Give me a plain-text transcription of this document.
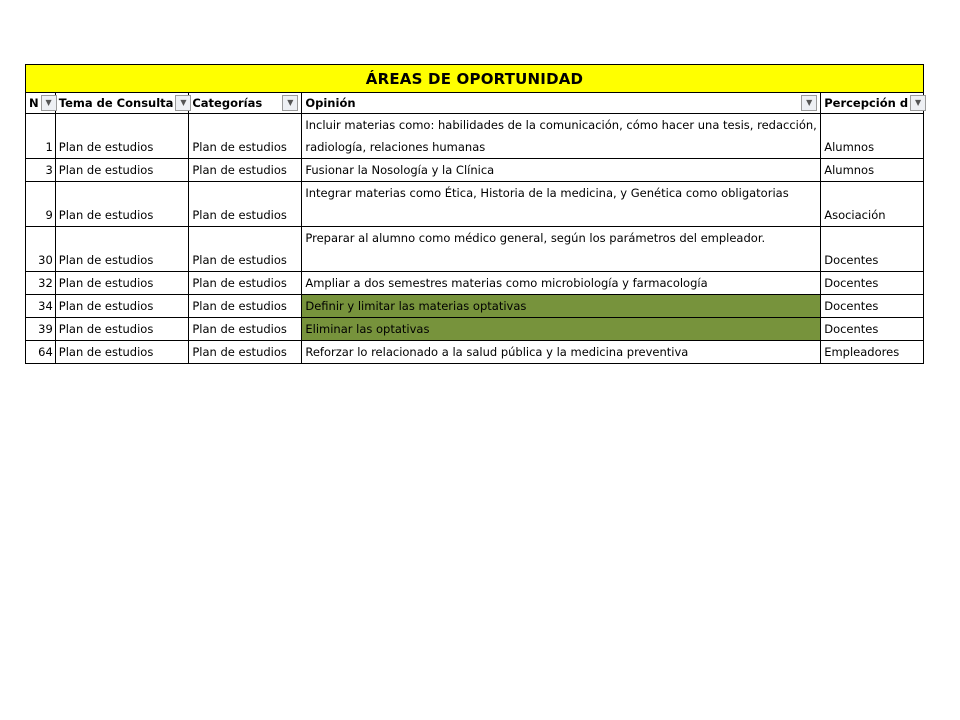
ÁREAS DE OPORTUNIDAD
N ▼	Tema de Consulta ▼	Categorías ▼	Opinión ▼	Percepción d ▼

1	Plan de estudios	Plan de estudios	Incluir materias como: habilidades de la comunicación, cómo hacer una tesis, redacción, radiología, relaciones humanas	Alumnos
3	Plan de estudios	Plan de estudios	Fusionar la Nosología y la Clínica	Alumnos
9	Plan de estudios	Plan de estudios	Integrar materias como Ética, Historia de la medicina, y Genética como obligatorias	Asociación
30	Plan de estudios	Plan de estudios	Preparar al alumno como médico general, según los parámetros del empleador.	Docentes
32	Plan de estudios	Plan de estudios	Ampliar a dos semestres materias como microbiología y farmacología	Docentes
34	Plan de estudios	Plan de estudios	Definir y limitar las materias optativas	Docentes
39	Plan de estudios	Plan de estudios	Eliminar las optativas	Docentes
64	Plan de estudios	Plan de estudios	Reforzar lo relacionado a la salud pública y la medicina preventiva	Empleadores
